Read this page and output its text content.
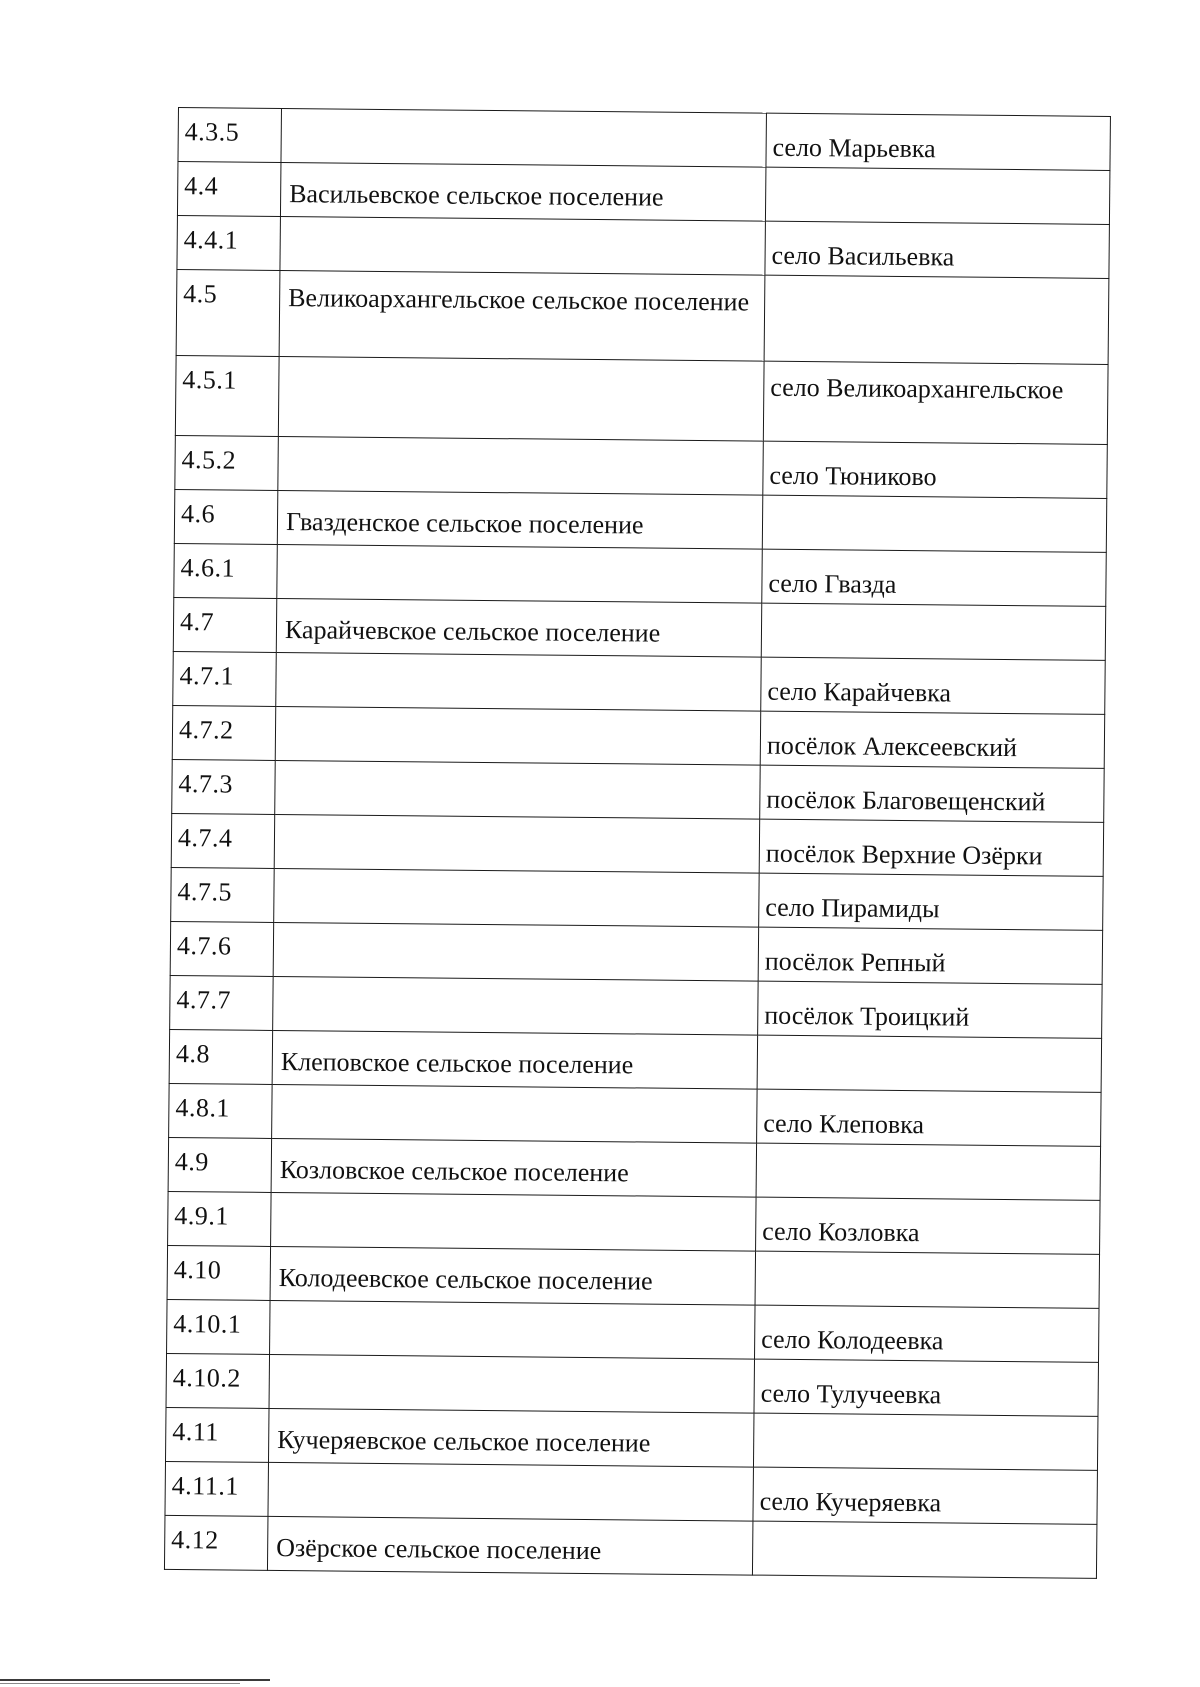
4.3.5		село Марьевка
4.4	Васильевское сельское поселение	
4.4.1		село Васильевка
4.5	Великоархангельское сельское поселение	
4.5.1		село Великоархангельское
4.5.2		село Тюниково
4.6	Гвазденское сельское поселение	
4.6.1		село Гвазда
4.7	Карайчевское сельское поселение	
4.7.1		село Карайчевка
4.7.2		посёлок Алексеевский
4.7.3		посёлок Благовещенский
4.7.4		посёлок Верхние Озёрки
4.7.5		село Пирамиды
4.7.6		посёлок Репный
4.7.7		посёлок Троицкий
4.8	Клеповское сельское поселение	
4.8.1		село Клеповка
4.9	Козловское сельское поселение	
4.9.1		село Козловка
4.10	Колодеевское сельское поселение	
4.10.1		село Колодеевка
4.10.2		село Тулучеевка
4.11	Кучеряевское сельское поселение	
4.11.1		село Кучеряевка
4.12	Озёрское сельское поселение	
